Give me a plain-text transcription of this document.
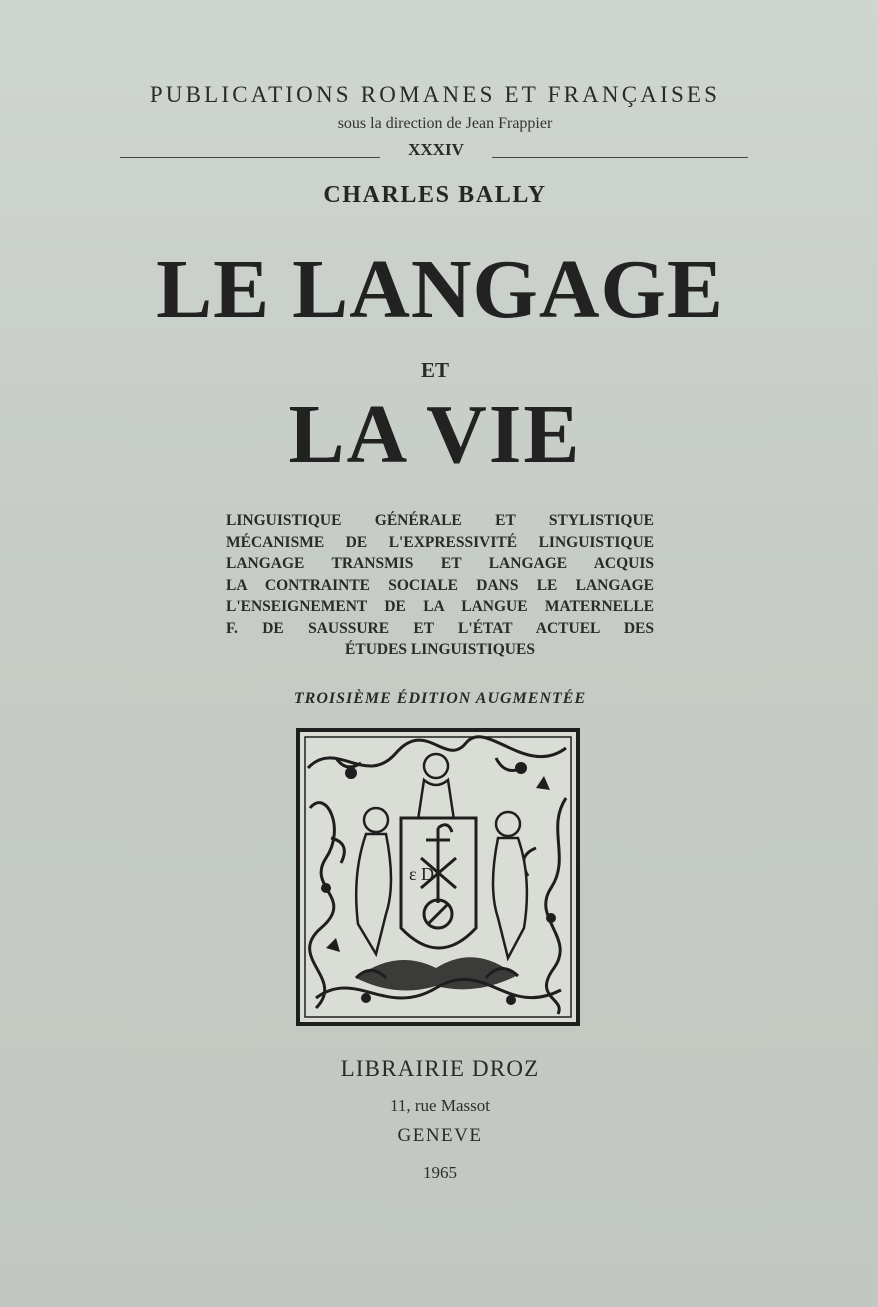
PUBLICATIONS ROMANES ET FRANÇAISES
sous la direction de Jean Frappier
XXXIV
CHARLES BALLY
LE LANGAGE
ET
LA VIE
LINGUISTIQUE GÉNÉRALE ET STYLISTIQUE
MÉCANISME DE L'EXPRESSIVITÉ LINGUISTIQUE
LANGAGE TRANSMIS ET LANGAGE ACQUIS
LA CONTRAINTE SOCIALE DANS LE LANGAGE
L'ENSEIGNEMENT DE LA LANGUE MATERNELLE
F. DE SAUSSURE ET L'ÉTAT ACTUEL DES
ÉTUDES LINGUISTIQUES
TROISIÈME ÉDITION AUGMENTÉE
ε D
LIBRAIRIE DROZ
11, rue Massot
GENEVE
1965
